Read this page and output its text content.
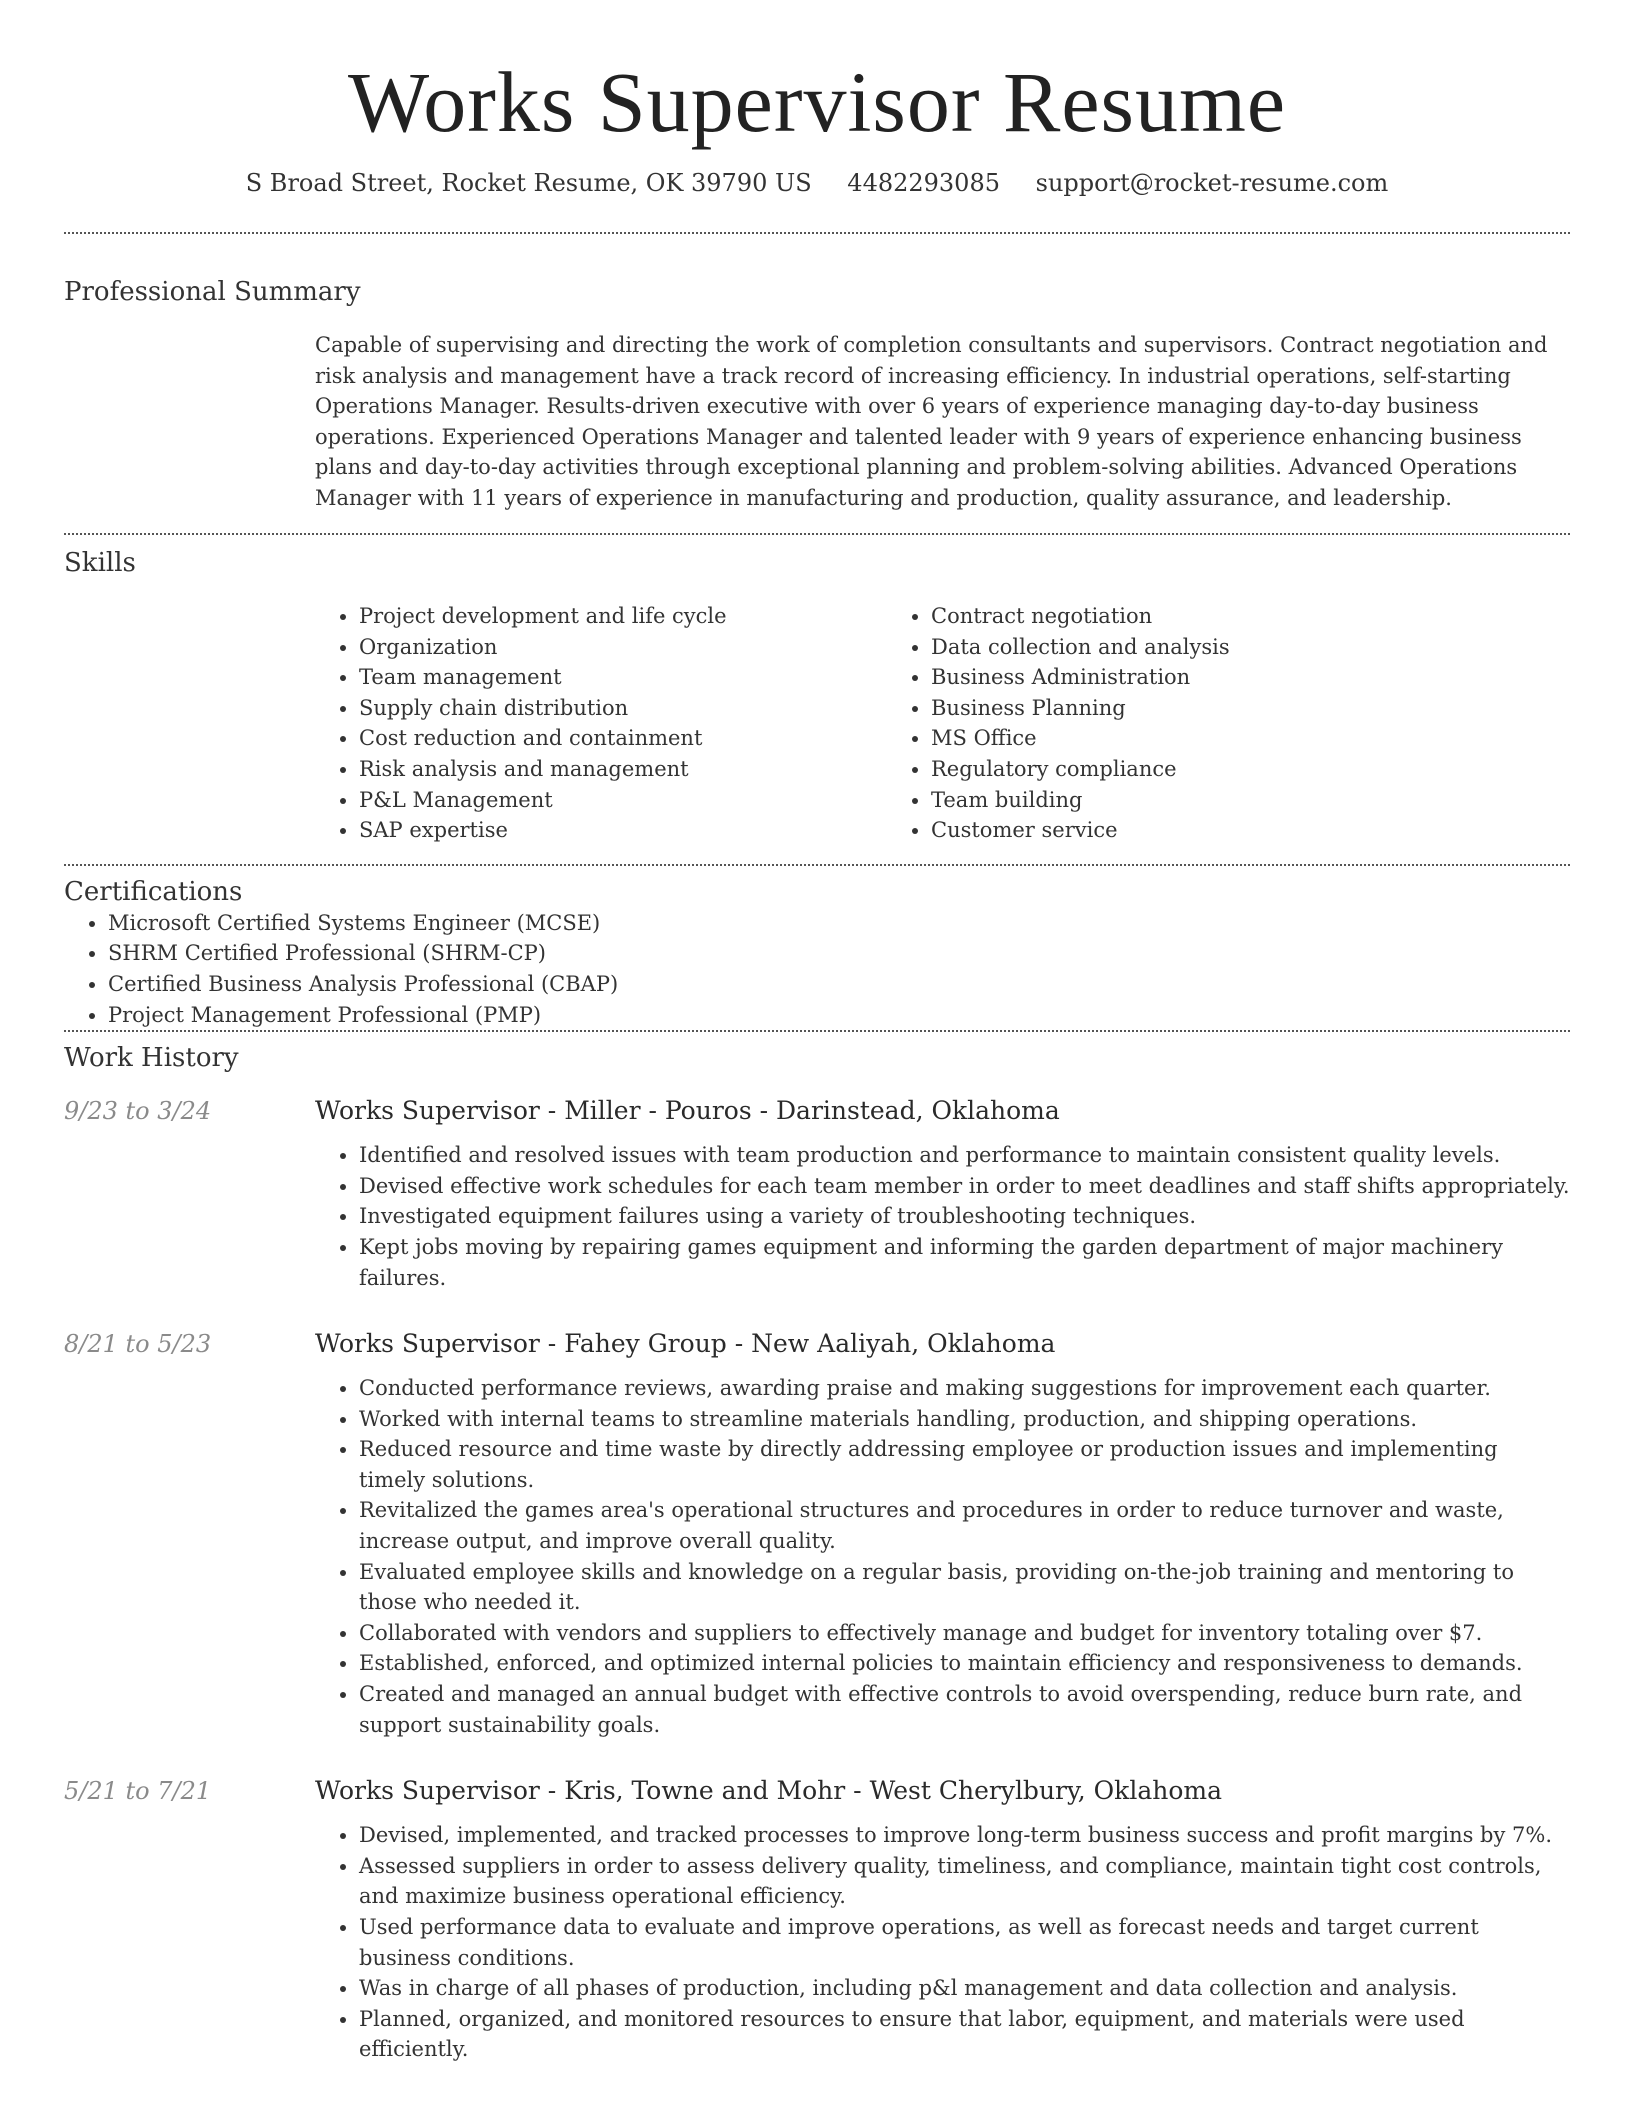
Works Supervisor Resume
S Broad Street, Rocket Resume, OK 39790 US 4482293085 support@rocket-resume.com
Professional Summary
Capable of supervising and directing the work of completion consultants and supervisors. Contract negotiation and risk analysis and management have a track record of increasing efficiency. In industrial operations, self-starting Operations Manager. Results-driven executive with over 6 years of experience managing day-to-day business operations. Experienced Operations Manager and talented leader with 9 years of experience enhancing business plans and day-to-day activities through exceptional planning and problem-solving abilities. Advanced Operations Manager with 11 years of experience in manufacturing and production, quality assurance, and leadership.
Skills
• Project development and life cycle
• Organization
• Team management
• Supply chain distribution
• Cost reduction and containment
• Risk analysis and management
• P&L Management
• SAP expertise
• Contract negotiation
• Data collection and analysis
• Business Administration
• Business Planning
• MS Office
• Regulatory compliance
• Team building
• Customer service
Certifications
• Microsoft Certified Systems Engineer (MCSE)
• SHRM Certified Professional (SHRM-CP)
• Certified Business Analysis Professional (CBAP)
• Project Management Professional (PMP)
Work History
9/23 to 3/24	Works Supervisor - Miller - Pouros - Darinstead, Oklahoma
• Identified and resolved issues with team production and performance to maintain consistent quality levels.
• Devised effective work schedules for each team member in order to meet deadlines and staff shifts appropriately.
• Investigated equipment failures using a variety of troubleshooting techniques.
• Kept jobs moving by repairing games equipment and informing the garden department of major machinery failures.
8/21 to 5/23	Works Supervisor - Fahey Group - New Aaliyah, Oklahoma
• Conducted performance reviews, awarding praise and making suggestions for improvement each quarter.
• Worked with internal teams to streamline materials handling, production, and shipping operations.
• Reduced resource and time waste by directly addressing employee or production issues and implementing timely solutions.
• Revitalized the games area's operational structures and procedures in order to reduce turnover and waste, increase output, and improve overall quality.
• Evaluated employee skills and knowledge on a regular basis, providing on-the-job training and mentoring to those who needed it.
• Collaborated with vendors and suppliers to effectively manage and budget for inventory totaling over $7.
• Established, enforced, and optimized internal policies to maintain efficiency and responsiveness to demands.
• Created and managed an annual budget with effective controls to avoid overspending, reduce burn rate, and support sustainability goals.
5/21 to 7/21	Works Supervisor - Kris, Towne and Mohr - West Cherylbury, Oklahoma
• Devised, implemented, and tracked processes to improve long-term business success and profit margins by 7%.
• Assessed suppliers in order to assess delivery quality, timeliness, and compliance, maintain tight cost controls, and maximize business operational efficiency.
• Used performance data to evaluate and improve operations, as well as forecast needs and target current business conditions.
• Was in charge of all phases of production, including p&l management and data collection and analysis.
• Planned, organized, and monitored resources to ensure that labor, equipment, and materials were used efficiently.
